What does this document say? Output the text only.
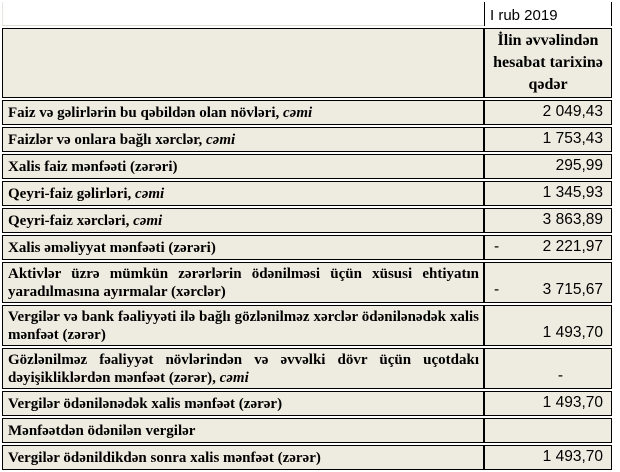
	I rub 2019

	İlin əvvəlindən hesabat tarixinə qədər

Faiz və gəlirlərin bu qəbildən olan növləri, cəmi	2 049,43

Faizlər və onlara bağlı xərclər, cəmi	1 753,43

Xalis faiz mənfəəti (zərəri)	295,99

Qeyri-faiz gəlirləri, cəmi	1 345,93

Qeyri-faiz xərcləri, cəmi	3 863,89

Xalis əməliyyat mənfəəti (zərəri)	- 2 221,97

Aktivlər üzrə mümkün zərərlərin ödənilməsi üçün xüsusi ehtiyatın yaradılmasına ayırmalar (xərclər)	- 3 715,67

Vergilər və bank fəaliyyəti ilə bağlı gözlənilməz xərclər ödənilənədək xalis mənfəət (zərər)	1 493,70

Gözlənilməz fəaliyyət növlərindən və əvvəlki dövr üçün uçotdakı dəyişikliklərdən mənfəət (zərər), cəmi	-

Vergilər ödənilənədək xalis mənfəət (zərər)	1 493,70

Mənfəətdən ödənilən vergilər	

Vergilər ödənildikdən sonra xalis mənfəət (zərər)	1 493,70
